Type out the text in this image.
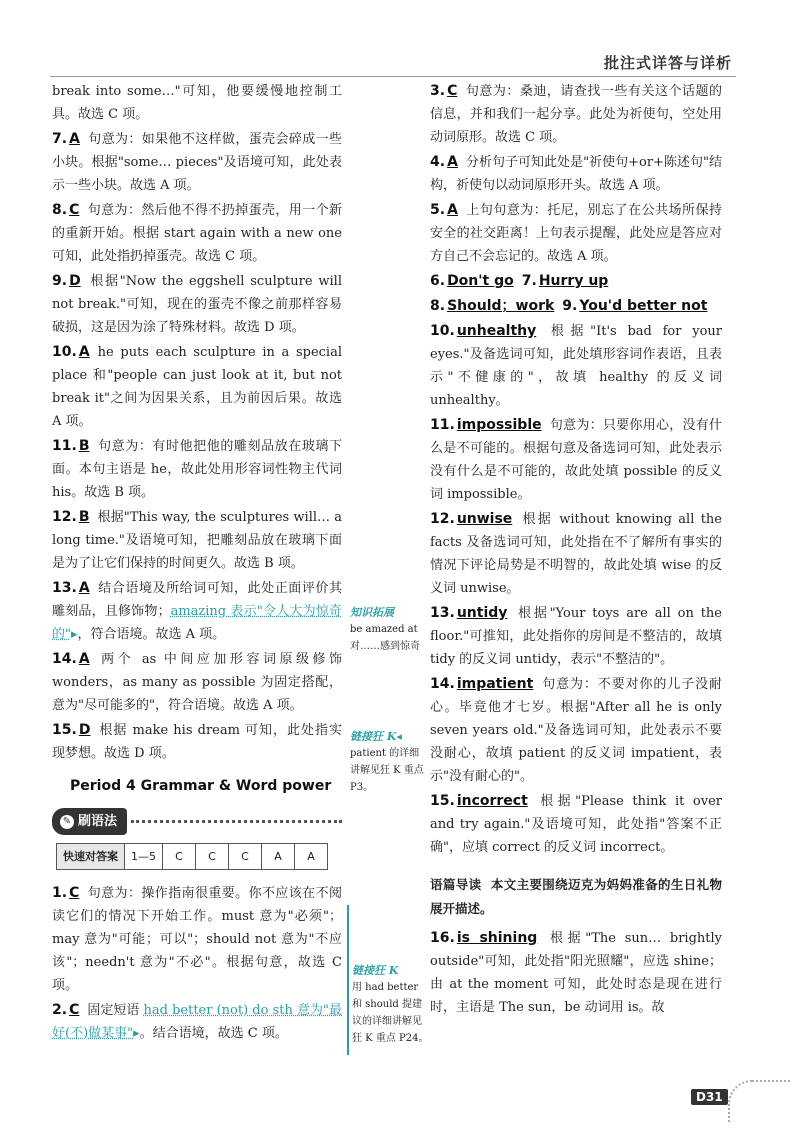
批注式详答与详析

break into some…"可知，他要缓慢地控制工具。故选 C 项。

7. A 句意为：如果他不这样做，蛋壳会碎成一些小块。根据"some… pieces"及语境可知，此处表示一些小块。故选 A 项。

8. C 句意为：然后他不得不扔掉蛋壳，用一个新的重新开始。根据 start again with a new one 可知，此处指扔掉蛋壳。故选 C 项。

9. D 根据"Now the eggshell sculpture will not break."可知，现在的蛋壳不像之前那样容易破损，这是因为涂了特殊材料。故选 D 项。

10. A he puts each sculpture in a special place 和"people can just look at it, but not break it"之间为因果关系，且为前因后果。故选 A 项。

11. B 句意为：有时他把他的雕刻品放在玻璃下面。本句主语是 he，故此处用形容词性物主代词 his。故选 B 项。

12. B 根据"This way, the sculptures will… a long time."及语境可知，把雕刻品放在玻璃下面是为了让它们保持的时间更久。故选 B 项。

13. A 结合语境及所给词可知，此处正面评价其雕刻品，且修饰物；amazing 表示"令人大为惊奇的"▸，符合语境。故选 A 项。

14. A 两个 as 中间应加形容词原级修饰 wonders，as many as possible 为固定搭配，意为"尽可能多的"，符合语境。故选 A 项。

15. D 根据 make his dream 可知，此处指实现梦想。故选 D 项。

Period 4 Grammar & Word power
✎ 刷语法
快速对答案	1—5	C	C	C	A	A

1. C 句意为：操作指南很重要。你不应该在不阅读它们的情况下开始工作。must 意为"必须"；may 意为"可能；可以"；should not 意为"不应该"；needn't 意为"不必"。根据句意，故选 C 项。

2. C 固定短语 had better (not) do sth 意为"最好(不)做某事"▸。结合语境，故选 C 项。

知识拓展
be amazed at 对……感到惊奇
链接狂 K◂
patient 的详细讲解见狂 K 重点 P3。
链接狂 K
用 had better 和 should 提建议的详细讲解见狂 K 重点 P24。

3. C 句意为：桑迪，请查找一些有关这个话题的信息，并和我们一起分享。此处为祈使句，空处用动词原形。故选 C 项。

4. A 分析句子可知此处是"祈使句+or+陈述句"结构，祈使句以动词原形开头。故选 A 项。

5. A 上句句意为：托尼，别忘了在公共场所保持安全的社交距离！上句表示提醒，此处应是答应对方自己不会忘记的。故选 A 项。

6. Don't go 7. Hurry up

8. Should；work 9. You'd better not

10. unhealthy 根据"It's bad for your eyes."及备选词可知，此处填形容词作表语，且表示"不健康的"，故填 healthy 的反义词 unhealthy。

11. impossible 句意为：只要你用心，没有什么是不可能的。根据句意及备选词可知，此处表示没有什么是不可能的，故此处填 possible 的反义词 impossible。

12. unwise 根据 without knowing all the facts 及备选词可知，此处指在不了解所有事实的情况下评论局势是不明智的，故此处填 wise 的反义词 unwise。

13. untidy 根据"Your toys are all on the floor."可推知，此处指你的房间是不整洁的，故填 tidy 的反义词 untidy，表示"不整洁的"。

14. impatient 句意为：不要对你的儿子没耐心。毕竟他才七岁。根据"After all he is only seven years old."及备选词可知，此处表示不要没耐心，故填 patient 的反义词 impatient，表示"没有耐心的"。

15. incorrect 根据"Please think it over and try again."及语境可知，此处指"答案不正确"，应填 correct 的反义词 incorrect。

语篇导读 本文主要围绕迈克为妈妈准备的生日礼物展开描述。

16. is shining 根据"The sun… brightly outside"可知，此处指"阳光照耀"，应选 shine；由 at the moment 可知，此处时态是现在进行时，主语是 The sun，be 动词用 is。故

D31
